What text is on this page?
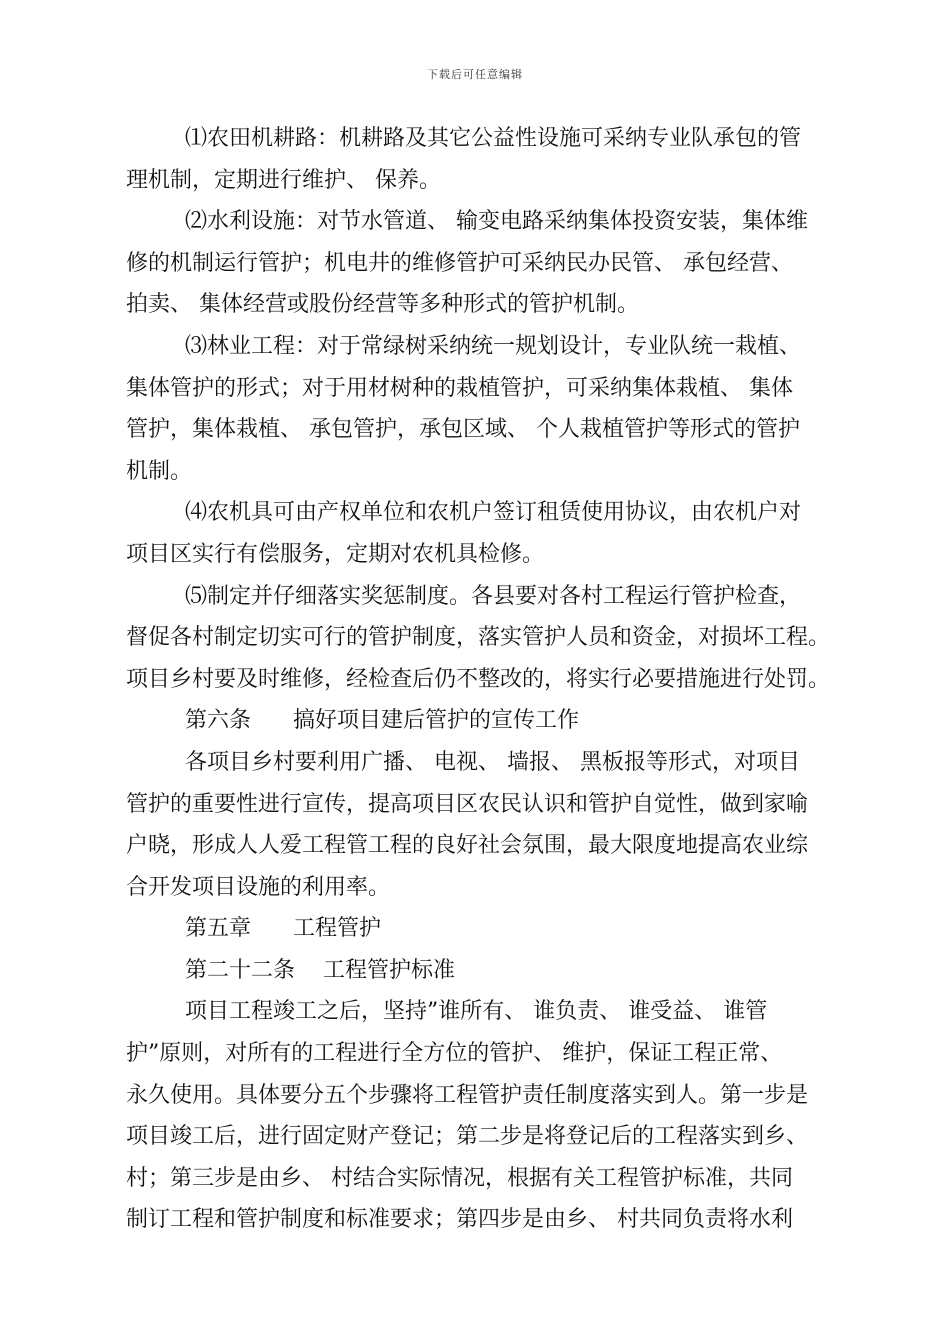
下载后可任意编辑
⑴农田机耕路：机耕路及其它公益性设施可采纳专业队承包的管
理机制，定期进行维护、 保养。
⑵水利设施：对节水管道、 输变电路采纳集体投资安装，集体维
修的机制运行管护；机电井的维修管护可采纳民办民管、 承包经营、
拍卖、 集体经营或股份经营等多种形式的管护机制。
⑶林业工程：对于常绿树采纳统一规划设计，专业队统一栽植、
集体管护的形式；对于用材树种的栽植管护，可采纳集体栽植、 集体
管护，集体栽植、 承包管护，承包区域、 个人栽植管护等形式的管护
机制。
⑷农机具可由产权单位和农机户签订租赁使用协议，由农机户对
项目区实行有偿服务，定期对农机具检修。
⑸制定并仔细落实奖惩制度。各县要对各村工程运行管护检查，
督促各村制定切实可行的管护制度，落实管护人员和资金，对损坏工程。
项目乡村要及时维修，经检查后仍不整改的，将实行必要措施进行处罚。
第六条      搞好项目建后管护的宣传工作
各项目乡村要利用广播、 电视、 墙报、 黑板报等形式，对项目
管护的重要性进行宣传，提高项目区农民认识和管护自觉性，做到家喻
户晓，形成人人爱工程管工程的良好社会氛围，最大限度地提高农业综
合开发项目设施的利用率。
第五章      工程管护
第二十二条    工程管护标准
项目工程竣工之后，坚持”谁所有、 谁负责、 谁受益、 谁管
护”原则，对所有的工程进行全方位的管护、 维护，保证工程正常、
永久使用。具体要分五个步骤将工程管护责任制度落实到人。第一步是
项目竣工后，进行固定财产登记；第二步是将登记后的工程落实到乡、
村；第三步是由乡、 村结合实际情况，根据有关工程管护标准，共同
制订工程和管护制度和标准要求；第四步是由乡、 村共同负责将水利
